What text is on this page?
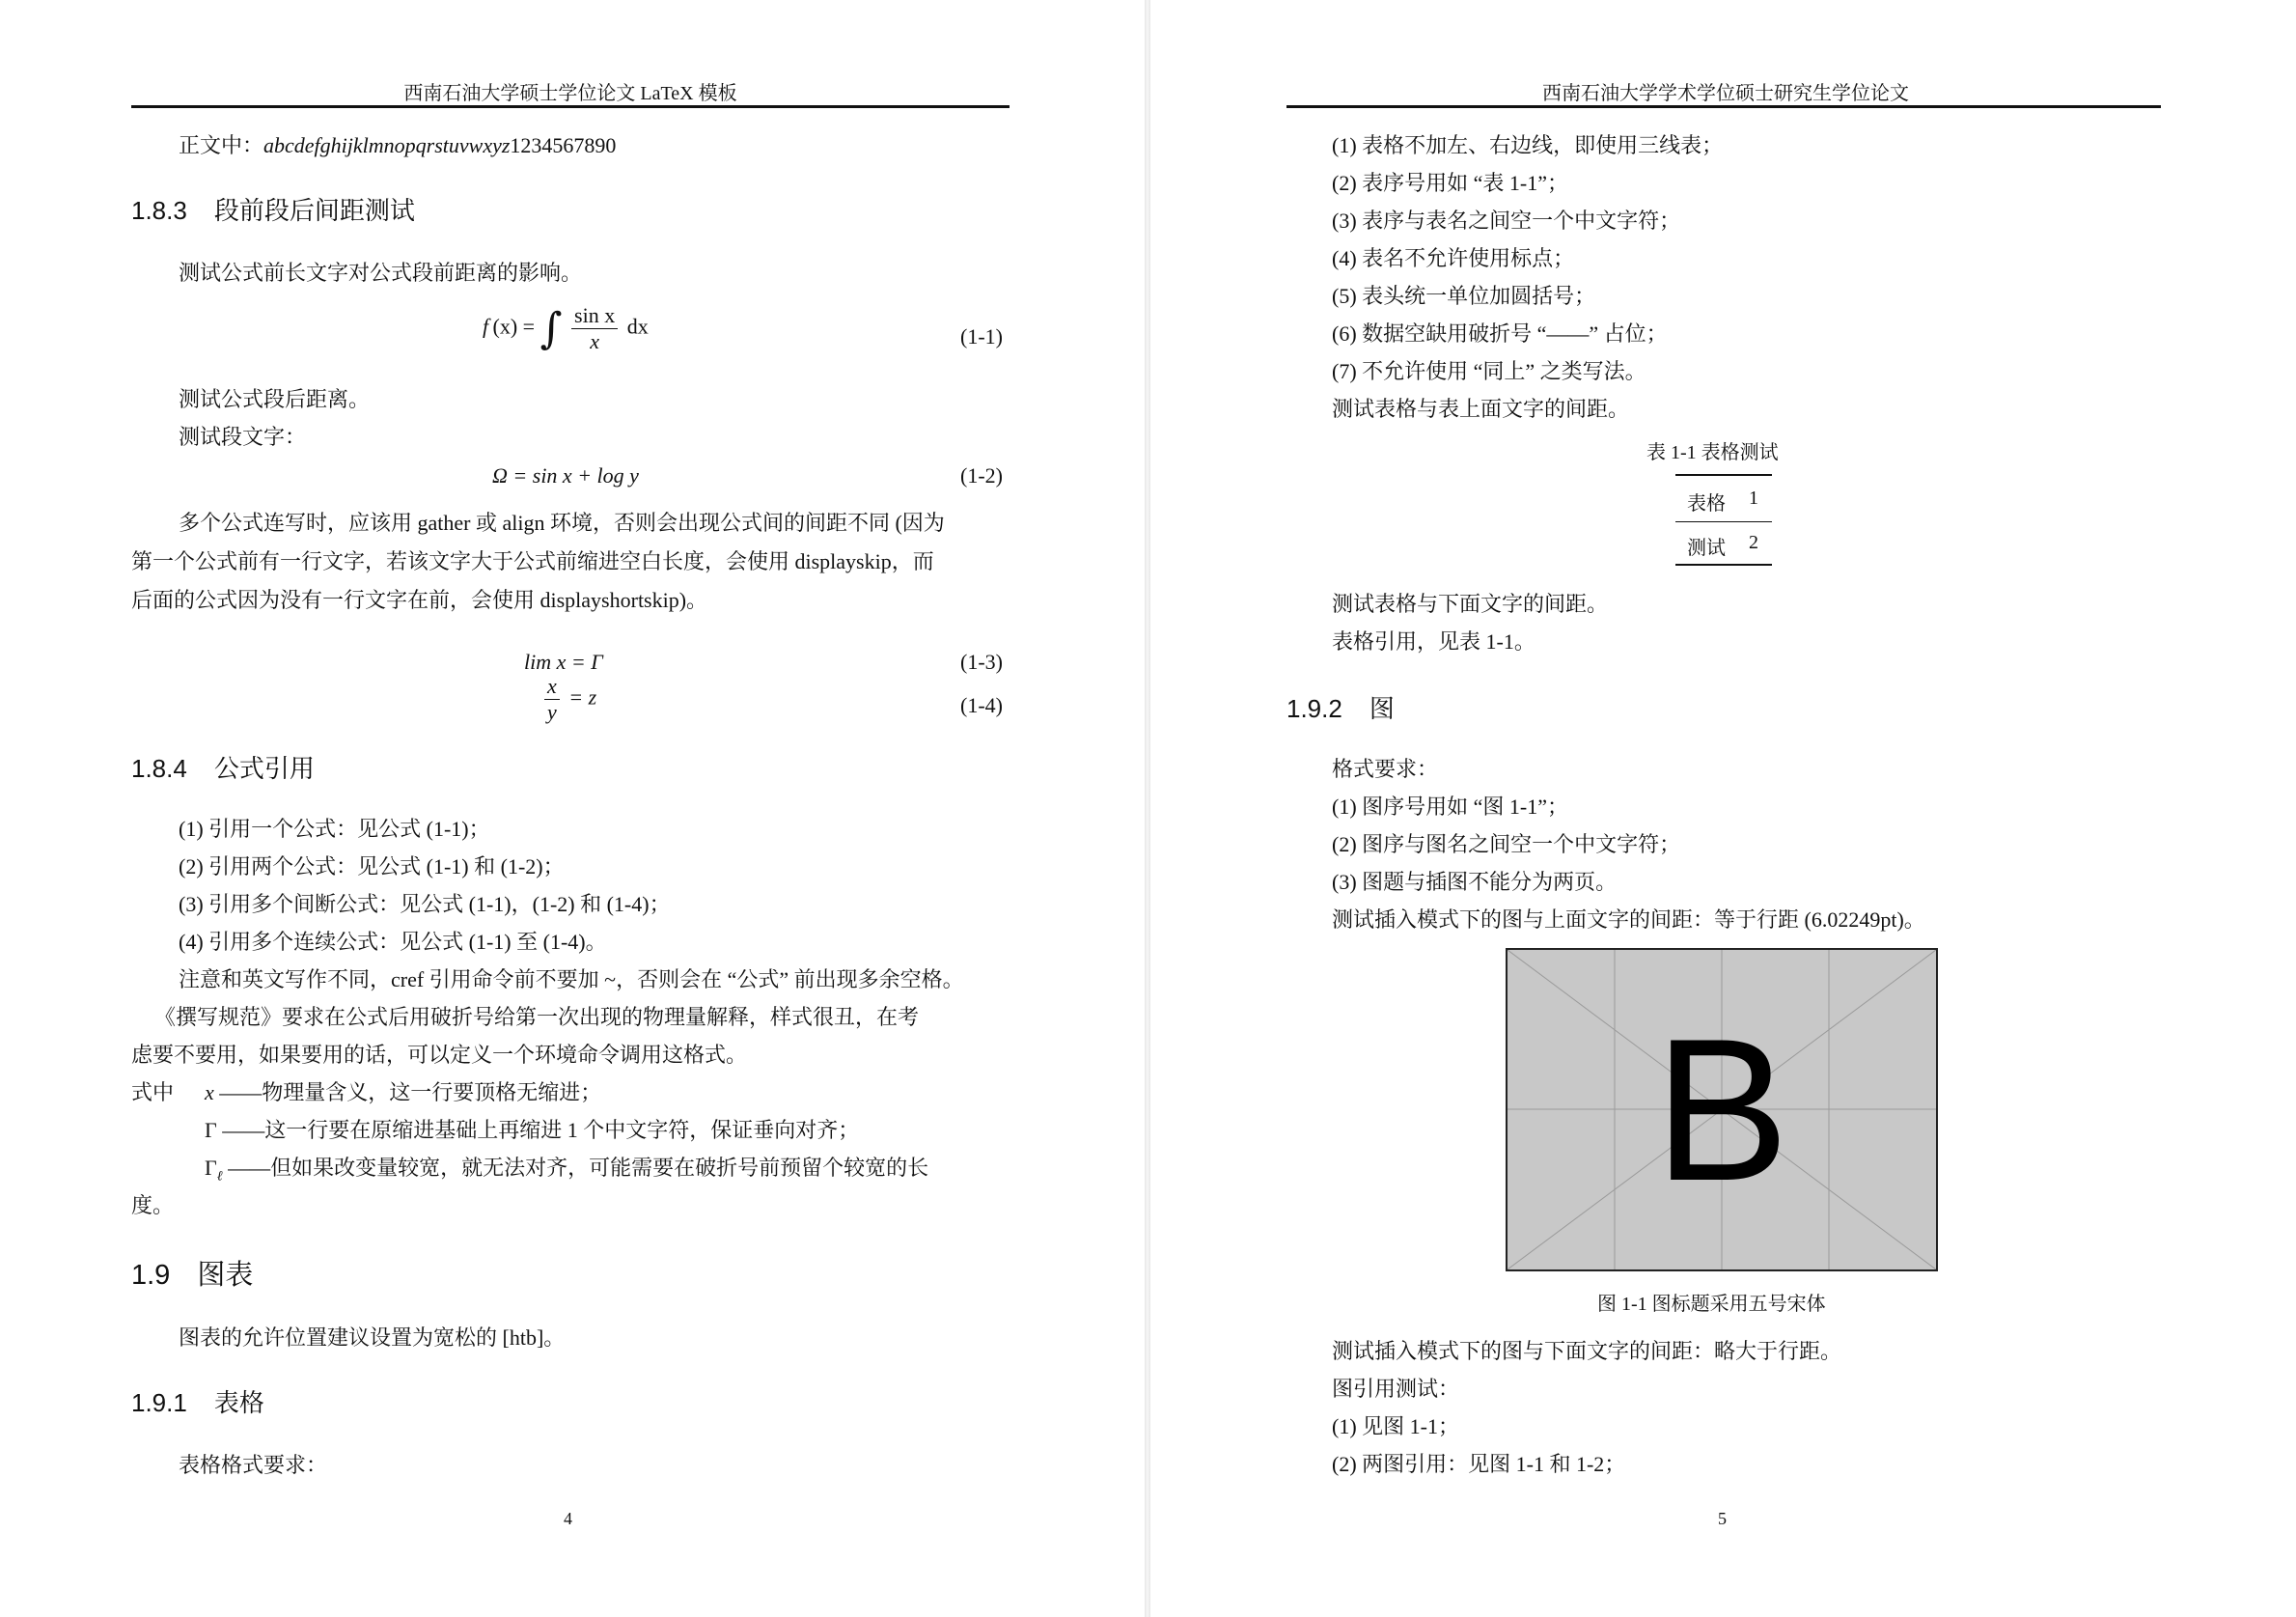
西南石油大学硕士学位论文 LaTeX 模板
正文中：abcdefghijklmnopqrstuvwxyz1234567890
1.8.3 段前段后间距测试
测试公式前长文字对公式段前距离的影响。
f  (x) = ∫ $\frac{\text{sin x}}{x}$ dx	(1-1)
测试公式段后距离。
测试段文字：
Ω = sin x + log y	(1-2)
多个公式连写时，应该用 gather 或 align 环境，否则会出现公式间的间距不同 (因为
第一个公式前有一行文字，若该文字大于公式前缩进空白长度，会使用 displayskip，而
后面的公式因为没有一行文字在前，会使用 displayshortskip)。
lim x = Γ	(1-3)
$\frac{x}{y} = z$	(1-4)
1.8.4 公式引用
(1) 引用一个公式：见公式 (1-1)；
(2) 引用两个公式：见公式 (1-1) 和 (1-2)；
(3) 引用多个间断公式：见公式 (1-1)，(1-2) 和 (1-4)；
(4) 引用多个连续公式：见公式 (1-1) 至 (1-4)。
注意和英文写作不同，cref 引用命令前不要加 ~，否则会在 “公式” 前出现多余空格。
《撰写规范》要求在公式后用破折号给第一次出现的物理量解释，样式很丑，在考
虑要不要用，如果要用的话，可以定义一个环境命令调用这格式。
式中 x ——物理量含义，这一行要顶格无缩进；
Γ ——这一行要在原缩进基础上再缩进 1 个中文字符，保证垂向对齐；
$\Gamma_\ell$ ——但如果改变量较宽，就无法对齐，可能需要在破折号前预留个较宽的长
度。
1.9 图表
图表的允许位置建议设置为宽松的 [htb]。
1.9.1 表格
表格格式要求：
4
西南石油大学学术学位硕士研究生学位论文
(1) 表格不加左、右边线，即使用三线表；
(2) 表序号用如 “表 1-1”；
(3) 表序与表名之间空一个中文字符；
(4) 表名不允许使用标点；
(5) 表头统一单位加圆括号；
(6) 数据空缺用破折号 “——” 占位；
(7) 不允许使用 “同上” 之类写法。
测试表格与表上面文字的间距。
表 1-1 表格测试
表格 1
测试 2
测试表格与下面文字的间距。
表格引用，见表 1-1。
1.9.2 图
格式要求：
(1) 图序号用如 “图 1-1”；
(2) 图序与图名之间空一个中文字符；
(3) 图题与插图不能分为两页。
测试插入模式下的图与上面文字的间距：等于行距 (6.02249pt)。
B
图 1-1 图标题采用五号宋体
测试插入模式下的图与下面文字的间距：略大于行距。
图引用测试：
(1) 见图 1-1；
(2) 两图引用：见图 1-1 和 1-2；
5
